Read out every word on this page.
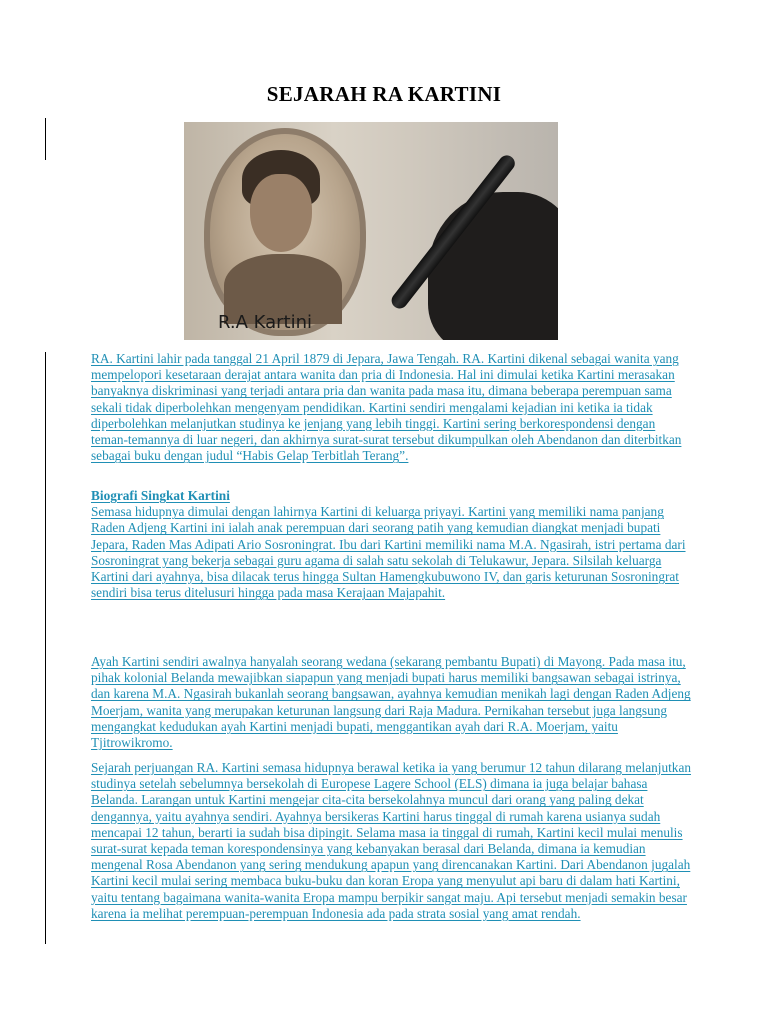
SEJARAH RA KARTINI
R.A Kartini

RA. Kartini lahir pada tanggal 21 April 1879 di Jepara, Jawa Tengah. RA. Kartini dikenal sebagai wanita yang mempelopori kesetaraan derajat antara wanita dan pria di Indonesia. Hal ini dimulai ketika Kartini merasakan banyaknya diskriminasi yang terjadi antara pria dan wanita pada masa itu, dimana beberapa perempuan sama sekali tidak diperbolehkan mengenyam pendidikan. Kartini sendiri mengalami kejadian ini ketika ia tidak diperbolehkan melanjutkan studinya ke jenjang yang lebih tinggi. Kartini sering berkorespondensi dengan teman-temannya di luar negeri, dan akhirnya surat-surat tersebut dikumpulkan oleh Abendanon dan diterbitkan sebagai buku dengan judul “Habis Gelap Terbitlah Terang”.

Biografi Singkat Kartini

Semasa hidupnya dimulai dengan lahirnya Kartini di keluarga priyayi. Kartini yang memiliki nama panjang Raden Adjeng Kartini ini ialah anak perempuan dari seorang patih yang kemudian diangkat menjadi bupati Jepara, Raden Mas Adipati Ario Sosroningrat. Ibu dari Kartini memiliki nama M.A. Ngasirah, istri pertama dari Sosroningrat yang bekerja sebagai guru agama di salah satu sekolah di Telukawur, Jepara. Silsilah keluarga Kartini dari ayahnya, bisa dilacak terus hingga Sultan Hamengkubuwono IV, dan garis keturunan Sosroningrat sendiri bisa terus ditelusuri hingga pada masa Kerajaan Majapahit.

Ayah Kartini sendiri awalnya hanyalah seorang wedana (sekarang pembantu Bupati) di Mayong. Pada masa itu, pihak kolonial Belanda mewajibkan siapapun yang menjadi bupati harus memiliki bangsawan sebagai istrinya, dan karena M.A. Ngasirah bukanlah seorang bangsawan, ayahnya kemudian menikah lagi dengan Raden Adjeng Moerjam, wanita yang merupakan keturunan langsung dari Raja Madura. Pernikahan tersebut juga langsung mengangkat kedudukan ayah Kartini menjadi bupati, menggantikan ayah dari R.A. Moerjam, yaitu Tjitrowikromo.

Sejarah perjuangan RA. Kartini semasa hidupnya berawal ketika ia yang berumur 12 tahun dilarang melanjutkan studinya setelah sebelumnya bersekolah di Europese Lagere School (ELS) dimana ia juga belajar bahasa Belanda. Larangan untuk Kartini mengejar cita-cita bersekolahnya muncul dari orang yang paling dekat dengannya, yaitu ayahnya sendiri. Ayahnya bersikeras Kartini harus tinggal di rumah karena usianya sudah mencapai 12 tahun, berarti ia sudah bisa dipingit. Selama masa ia tinggal di rumah, Kartini kecil mulai menulis surat-surat kepada teman korespondensinya yang kebanyakan berasal dari Belanda, dimana ia kemudian mengenal Rosa Abendanon yang sering mendukung apapun yang direncanakan Kartini. Dari Abendanon jugalah Kartini kecil mulai sering membaca buku-buku dan koran Eropa yang menyulut api baru di dalam hati Kartini, yaitu tentang bagaimana wanita-wanita Eropa mampu berpikir sangat maju. Api tersebut menjadi semakin besar karena ia melihat perempuan-perempuan Indonesia ada pada strata sosial yang amat rendah.
